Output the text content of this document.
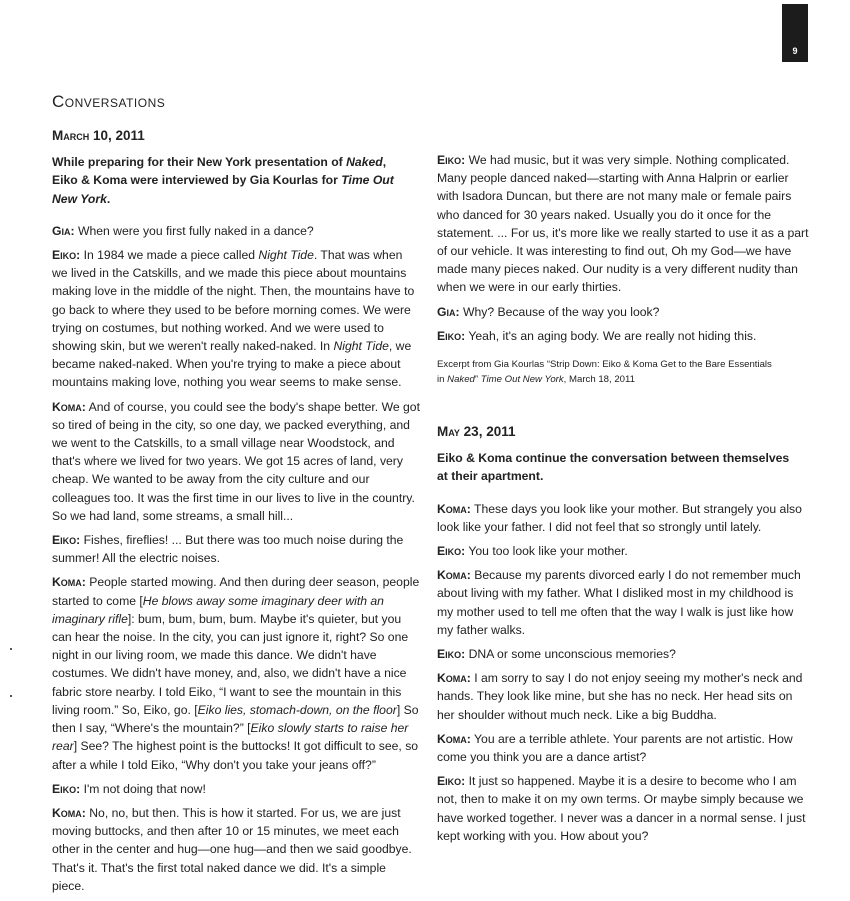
9
Conversations
March 10, 2011
While preparing for their New York presentation of Naked,
Eiko & Koma were interviewed by Gia Kourlas for Time Out New York.
Gia: When were you first fully naked in a dance?
Eiko: In 1984 we made a piece called Night Tide. That was when we lived in the Catskills, and we made this piece about mountains making love in the middle of the night. Then, the mountains have to go back to where they used to be before morning comes. We were trying on costumes, but nothing worked. And we were used to showing skin, but we weren't really naked-naked. In Night Tide, we became naked-naked. When you're trying to make a piece about mountains making love, nothing you wear seems to make sense.
Koma: And of course, you could see the body's shape better. We got so tired of being in the city, so one day, we packed everything, and we went to the Catskills, to a small village near Woodstock, and that's where we lived for two years. We got 15 acres of land, very cheap. We wanted to be away from the city culture and our colleagues too. It was the first time in our lives to live in the country. So we had land, some streams, a small hill...
Eiko: Fishes, fireflies! ... But there was too much noise during the summer! All the electric noises.
Koma: People started mowing. And then during deer season, people started to come [He blows away some imaginary deer with an imaginary rifle]: bum, bum, bum, bum. Maybe it's quieter, but you can hear the noise. In the city, you can just ignore it, right? So one night in our living room, we made this dance. We didn't have costumes. We didn't have money, and, also, we didn't have a nice fabric store nearby. I told Eiko, “I want to see the mountain in this living room.” So, Eiko, go. [Eiko lies, stomach-down, on the floor] So then I say, “Where's the mountain?” [Eiko slowly starts to raise her rear] See? The highest point is the buttocks! It got difficult to see, so after a while I told Eiko, “Why don't you take your jeans off?”
Eiko: I'm not doing that now!
Koma: No, no, but then. This is how it started. For us, we are just moving buttocks, and then after 10 or 15 minutes, we meet each other in the center and hug—one hug—and then we said goodbye. That's it. That's the first total naked dance we did. It's a simple piece.
Eiko: We had music, but it was very simple. Nothing complicated. Many people danced naked—starting with Anna Halprin or earlier with Isadora Duncan, but there are not many male or female pairs who danced for 30 years naked. Usually you do it once for the statement. ... For us, it's more like we really started to use it as a part of our vehicle. It was interesting to find out, Oh my God—we have made many pieces naked. Our nudity is a very different nudity than when we were in our early thirties.
Gia: Why? Because of the way you look?
Eiko: Yeah, it's an aging body. We are really not hiding this.
Excerpt from Gia Kourlas “Strip Down: Eiko & Koma Get to the Bare Essentials
in Naked” Time Out New York, March 18, 2011
May 23, 2011
Eiko & Koma continue the conversation between themselves
at their apartment.
Koma: These days you look like your mother. But strangely you also look like your father. I did not feel that so strongly until lately.
Eiko: You too look like your mother.
Koma: Because my parents divorced early I do not remember much about living with my father. What I disliked most in my childhood is my mother used to tell me often that the way I walk is just like how my father walks.
Eiko: DNA or some unconscious memories?
Koma: I am sorry to say I do not enjoy seeing my mother's neck and hands. They look like mine, but she has no neck. Her head sits on her shoulder without much neck. Like a big Buddha.
Koma: You are a terrible athlete. Your parents are not artistic. How come you think you are a dance artist?
Eiko: It just so happened. Maybe it is a desire to become who I am not, then to make it on my own terms. Or maybe simply because we have worked together. I never was a dancer in a normal sense. I just kept working with you. How about you?
